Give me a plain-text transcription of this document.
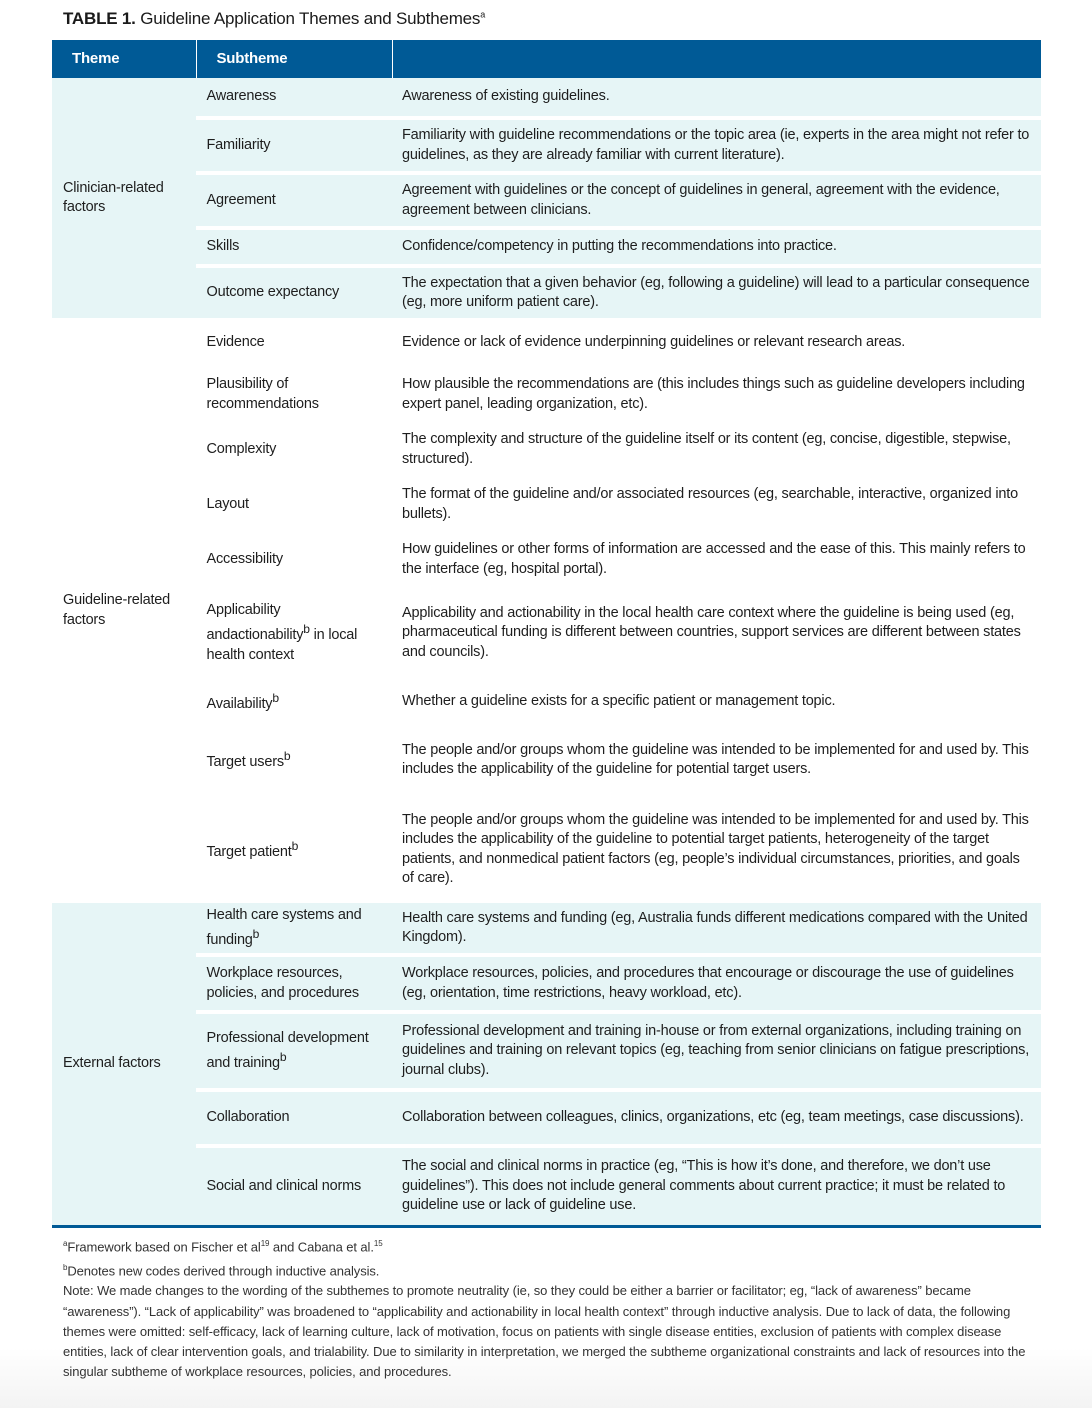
TABLE 1. Guideline Application Themes and Subthemes$^a$
Theme	Subtheme	
Clinician-related factors	Awareness	Awareness of existing guidelines.
	Familiarity	Familiarity with guideline recommendations or the topic area (ie, experts in the area might not refer to guidelines, as they are already familiar with current literature).
	Agreement	Agreement with guidelines or the concept of guidelines in general, agreement with the evidence, agreement between clinicians.
	Skills	Confidence/competency in putting the recommendations into practice.
	Outcome expectancy	The expectation that a given behavior (eg, following a guideline) will lead to a particular consequence (eg, more uniform patient care).
Guideline-related factors	Evidence	Evidence or lack of evidence underpinning guidelines or relevant research areas.
	Plausibility of recommendations	How plausible the recommendations are (this includes things such as guideline developers including expert panel, leading organization, etc).
	Complexity	The complexity and structure of the guideline itself or its content (eg, concise, digestible, stepwise, structured).
	Layout	The format of the guideline and/or associated resources (eg, searchable, interactive, organized into bullets).
	Accessibility	How guidelines or other forms of information are accessed and the ease of this. This mainly refers to the interface (eg, hospital portal).
	Applicability andactionability$^b$ in local health context	Applicability and actionability in the local health care context where the guideline is being used (eg, pharmaceutical funding is different between countries, support services are different between states and councils).
	Availability$^b$	Whether a guideline exists for a specific patient or management topic.
	Target users$^b$	The people and/or groups whom the guideline was intended to be implemented for and used by. This includes the applicability of the guideline for potential target users.
	Target patient$^b$	The people and/or groups whom the guideline was intended to be implemented for and used by. This includes the applicability of the guideline to potential target patients, heterogeneity of the target patients, and nonmedical patient factors (eg, people’s individual circumstances, priorities, and goals of care).
External factors	Health care systems and funding$^b$	Health care systems and funding (eg, Australia funds different medications compared with the United Kingdom).
	Workplace resources, policies, and procedures	Workplace resources, policies, and procedures that encourage or discourage the use of guidelines (eg, orientation, time restrictions, heavy workload, etc).
	Professional development and training$^b$	Professional development and training in-house or from external organizations, including training on guidelines and training on relevant topics (eg, teaching from senior clinicians on fatigue prescriptions, journal clubs).
	Collaboration	Collaboration between colleagues, clinics, organizations, etc (eg, team meetings, case discussions).
	Social and clinical norms	The social and clinical norms in practice (eg, “This is how it’s done, and therefore, we don’t use guidelines”). This does not include general comments about current practice; it must be related to guideline use or lack of guideline use.

$^a$Framework based on Fischer et $al^{19}$ and Cabana et al.$^{15}$

$^b$Denotes new codes derived through inductive analysis.

Note: We made changes to the wording of the subthemes to promote neutrality (ie, so they could be either a barrier or facilitator; eg, “lack of awareness” became “awareness”). “Lack of applicability” was broadened to “applicability and actionability in local health context” through inductive analysis. Due to lack of data, the following themes were omitted: self-efficacy, lack of learning culture, lack of motivation, focus on patients with single disease entities, exclusion of patients with complex disease entities, lack of clear intervention goals, and trialability. Due to similarity in interpretation, we merged the subtheme organizational constraints and lack of resources into the singular subtheme of workplace resources, policies, and procedures.
